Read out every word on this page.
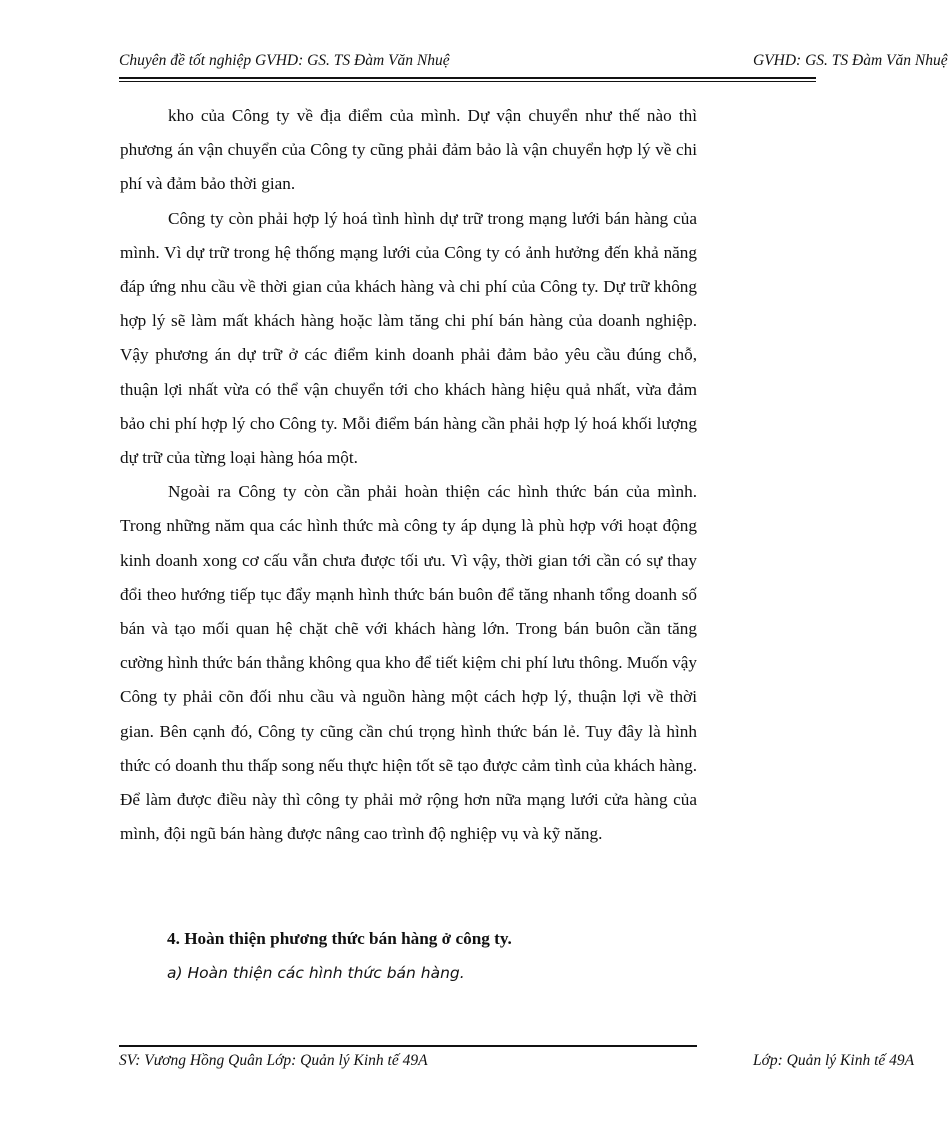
Chuyên đề tốt nghiệp GVHD: GS. TS Đàm Văn Nhuệ	GVHD: GS. TS Đàm Văn Nhuệ

kho của Công ty về địa điểm của mình. Dự vận chuyển như thế nào thì phương án vận chuyển của Công ty cũng phải đảm bảo là vận chuyển hợp lý về chi phí và đảm bảo thời gian.

Công ty còn phải hợp lý hoá tình hình dự trữ trong mạng lưới bán hàng của mình. Vì dự trữ trong hệ thống mạng lưới của Công ty có ảnh hưởng đến khả năng đáp ứng nhu cầu về thời gian của khách hàng và chi phí của Công ty. Dự trữ không hợp lý sẽ làm mất khách hàng hoặc làm tăng chi phí bán hàng của doanh nghiệp. Vậy phương án dự trữ ở các điểm kinh doanh phải đảm bảo yêu cầu đúng chỗ, thuận lợi nhất vừa có thể vận chuyển tới cho khách hàng hiệu quả nhất, vừa đảm bảo chi phí hợp lý cho Công ty. Mỗi điểm bán hàng cần phải hợp lý hoá khối lượng dự trữ của từng loại hàng hóa một.

Ngoài ra Công ty còn cần phải hoàn thiện các hình thức bán của mình. Trong những năm qua các hình thức mà công ty áp dụng là phù hợp với hoạt động kinh doanh xong cơ cấu vẫn chưa được tối ưu. Vì vậy, thời gian tới cần có sự thay đổi theo hướng tiếp tục đẩy mạnh hình thức bán buôn để tăng nhanh tổng doanh số bán và tạo mối quan hệ chặt chẽ với khách hàng lớn. Trong bán buôn cần tăng cường hình thức bán thẳng không qua kho để tiết kiệm chi phí lưu thông. Muốn vậy Công ty phải cõn đối nhu cầu và nguồn hàng một cách hợp lý, thuận lợi về thời gian. Bên cạnh đó, Công ty cũng cần chú trọng hình thức bán lẻ. Tuy đây là hình thức có doanh thu thấp song nếu thực hiện tốt sẽ tạo được cảm tình của khách hàng. Để làm được điều này thì công ty phải mở rộng hơn nữa mạng lưới cửa hàng của mình, đội ngũ bán hàng được nâng cao trình độ nghiệp vụ và kỹ năng.

4. Hoàn thiện phương thức bán hàng ở công ty.
a) Hoàn thiện các hình thức bán hàng.
SV: Vương Hồng Quân Lớp: Quản lý Kinh tế 49A	Lớp: Quản lý Kinh tế 49A
